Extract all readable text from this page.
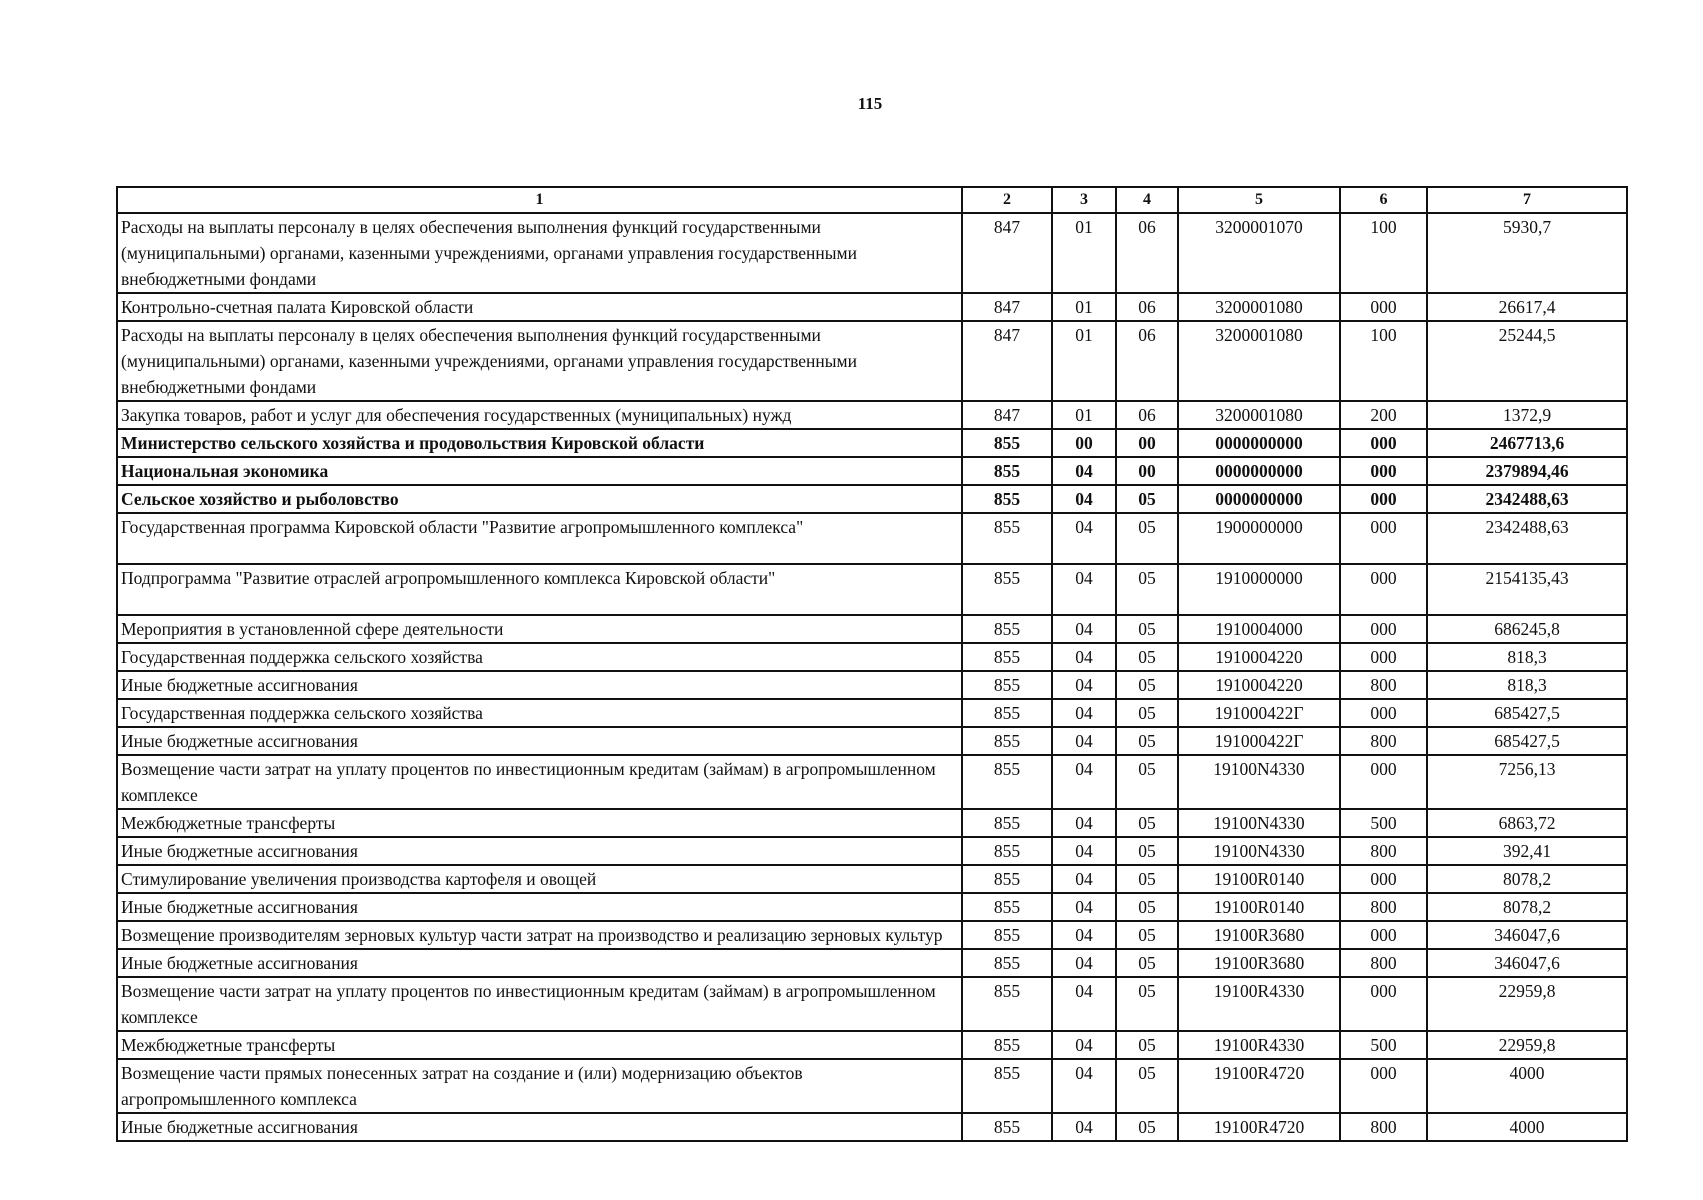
115
1	2	3	4	5	6	7
Расходы на выплаты персоналу в целях обеспечения выполнения функций государственными (муниципальными) органами, казенными учреждениями, органами управления государственными внебюджетными фондами	847	01	06	3200001070	100	5930,7
Контрольно-счетная палата Кировской области	847	01	06	3200001080	000	26617,4
Расходы на выплаты персоналу в целях обеспечения выполнения функций государственными (муниципальными) органами, казенными учреждениями, органами управления государственными внебюджетными фондами	847	01	06	3200001080	100	25244,5
Закупка товаров, работ и услуг для обеспечения государственных (муниципальных) нужд	847	01	06	3200001080	200	1372,9
Министерство сельского хозяйства и продовольствия Кировской области	855	00	00	0000000000	000	2467713,6
Национальная экономика	855	04	00	0000000000	000	2379894,46
Сельское хозяйство и рыболовство	855	04	05	0000000000	000	2342488,63
Государственная программа Кировской области "Развитие агропромышленного комплекса"	855	04	05	1900000000	000	2342488,63
Подпрограмма "Развитие отраслей агропромышленного комплекса Кировской области"	855	04	05	1910000000	000	2154135,43
Мероприятия в установленной сфере деятельности	855	04	05	1910004000	000	686245,8
Государственная поддержка сельского хозяйства	855	04	05	1910004220	000	818,3
Иные бюджетные ассигнования	855	04	05	1910004220	800	818,3
Государственная поддержка сельского хозяйства	855	04	05	191000422Г	000	685427,5
Иные бюджетные ассигнования	855	04	05	191000422Г	800	685427,5
Возмещение части затрат на уплату процентов по инвестиционным кредитам (займам) в агропромышленном комплексе	855	04	05	19100N4330	000	7256,13
Межбюджетные трансферты	855	04	05	19100N4330	500	6863,72
Иные бюджетные ассигнования	855	04	05	19100N4330	800	392,41
Стимулирование увеличения производства картофеля и овощей	855	04	05	19100R0140	000	8078,2
Иные бюджетные ассигнования	855	04	05	19100R0140	800	8078,2
Возмещение производителям зерновых культур части затрат на производство и реализацию зерновых культур	855	04	05	19100R3680	000	346047,6
Иные бюджетные ассигнования	855	04	05	19100R3680	800	346047,6
Возмещение части затрат на уплату процентов по инвестиционным кредитам (займам) в агропромышленном комплексе	855	04	05	19100R4330	000	22959,8
Межбюджетные трансферты	855	04	05	19100R4330	500	22959,8
Возмещение части прямых понесенных затрат на создание и (или) модернизацию объектов агропромышленного комплекса	855	04	05	19100R4720	000	4000
Иные бюджетные ассигнования	855	04	05	19100R4720	800	4000
